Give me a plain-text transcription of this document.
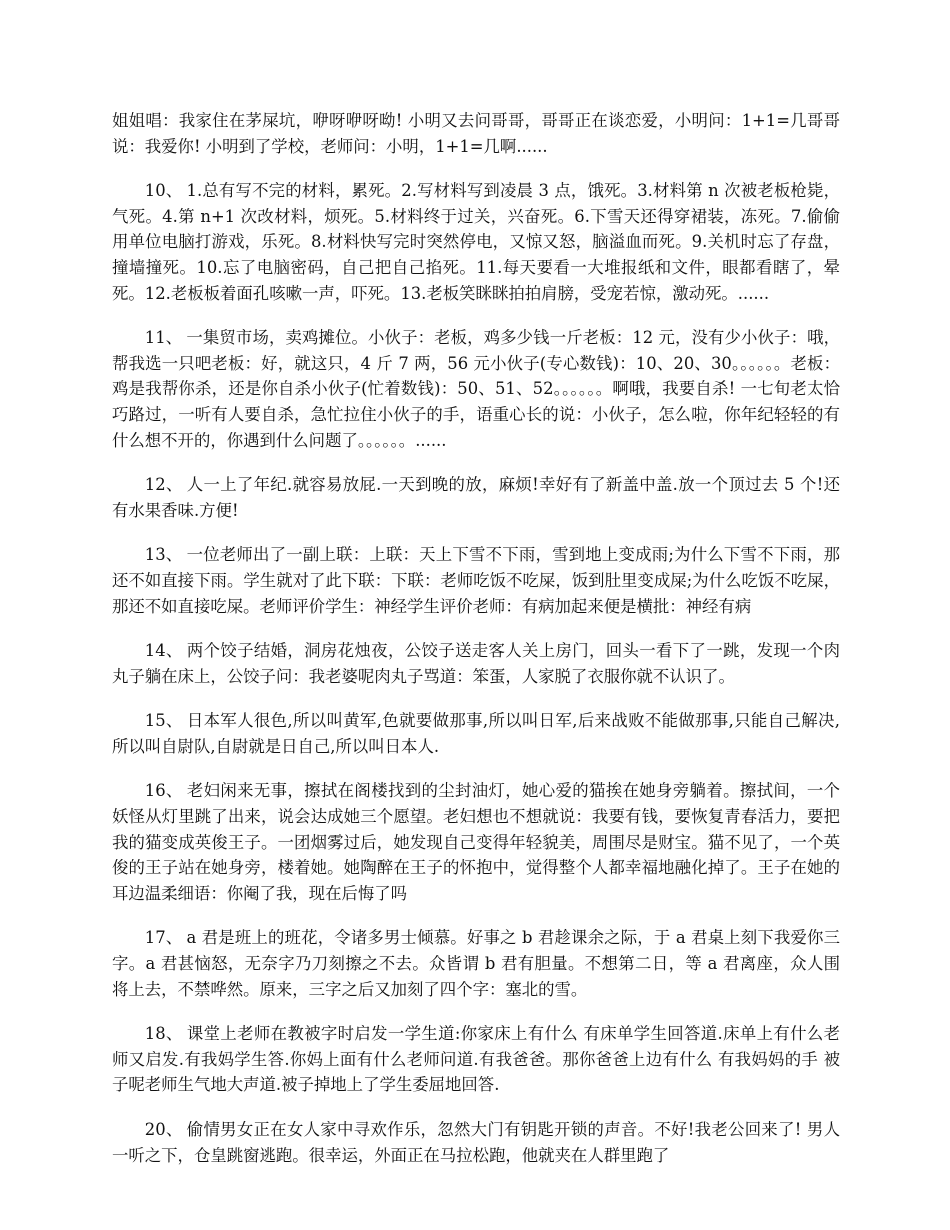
姐姐唱：我家住在茅屎坑，咿呀咿呀呦! 小明又去问哥哥，哥哥正在谈恋爱，小明问：1+1=几哥哥说：我爱你! 小明到了学校，老师问：小明，1+1=几啊......

10、 1.总有写不完的材料，累死。2.写材料写到凌晨 3 点，饿死。3.材料第 n 次被老板枪毙，气死。4.第 n+1 次改材料，烦死。5.材料终于过关，兴奋死。6.下雪天还得穿裙装，冻死。7.偷偷用单位电脑打游戏，乐死。8.材料快写完时突然停电，又惊又怒，脑溢血而死。9.关机时忘了存盘，撞墙撞死。10.忘了电脑密码，自己把自己掐死。11.每天要看一大堆报纸和文件，眼都看瞎了，晕死。12.老板板着面孔咳嗽一声，吓死。13.老板笑眯眯拍拍肩膀，受宠若惊，激动死。......

11、 一集贸市场，卖鸡摊位。小伙子：老板，鸡多少钱一斤老板：12 元，没有少小伙子：哦，帮我选一只吧老板：好，就这只，4 斤 7 两，56 元小伙子(专心数钱)：10、20、30。。。。。。老板：鸡是我帮你杀，还是你自杀小伙子(忙着数钱)：50、51、52。。。。。。啊哦，我要自杀! 一七旬老太恰巧路过，一听有人要自杀，急忙拉住小伙子的手，语重心长的说：小伙子，怎么啦，你年纪轻轻的有什么想不开的，你遇到什么问题了。。。。。。......

12、 人一上了年纪.就容易放屁.一天到晚的放，麻烦!幸好有了新盖中盖.放一个顶过去 5 个!还有水果香味.方便!

13、 一位老师出了一副上联：上联：天上下雪不下雨，雪到地上变成雨;为什么下雪不下雨，那还不如直接下雨。学生就对了此下联：下联：老师吃饭不吃屎，饭到肚里变成屎;为什么吃饭不吃屎，那还不如直接吃屎。老师评价学生：神经学生评价老师：有病加起来便是横批：神经有病

14、 两个饺子结婚，洞房花烛夜，公饺子送走客人关上房门，回头一看下了一跳，发现一个肉丸子躺在床上，公饺子问：我老婆呢肉丸子骂道：笨蛋，人家脱了衣服你就不认识了。

15、 日本军人很色,所以叫黄军,色就要做那事,所以叫日军,后来战败不能做那事,只能自己解决,所以叫自尉队,自尉就是日自己,所以叫日本人.

16、 老妇闲来无事，擦拭在阁楼找到的尘封油灯，她心爱的猫挨在她身旁躺着。擦拭间，一个妖怪从灯里跳了出来，说会达成她三个愿望。老妇想也不想就说：我要有钱，要恢复青春活力，要把我的猫变成英俊王子。一团烟雾过后，她发现自己变得年轻貌美，周围尽是财宝。猫不见了，一个英俊的王子站在她身旁，楼着她。她陶醉在王子的怀抱中，觉得整个人都幸福地融化掉了。王子在她的耳边温柔细语：你阉了我，现在后悔了吗

17、 a 君是班上的班花，令诸多男士倾慕。好事之 b 君趁课余之际，于 a 君桌上刻下我爱你三字。a 君甚恼怒，无奈字乃刀刻擦之不去。众皆谓 b 君有胆量。不想第二日，等 a 君离座，众人围将上去，不禁哗然。原来，三字之后又加刻了四个字：塞北的雪。

18、 课堂上老师在教被字时启发一学生道:你家床上有什么 有床单学生回答道.床单上有什么老师又启发.有我妈学生答.你妈上面有什么老师问道.有我爸爸。那你爸爸上边有什么 有我妈妈的手 被子呢老师生气地大声道.被子掉地上了学生委屈地回答.

20、 偷情男女正在女人家中寻欢作乐，忽然大门有钥匙开锁的声音。不好!我老公回来了! 男人一听之下，仓皇跳窗逃跑。很幸运，外面正在马拉松跑，他就夹在人群里跑了
